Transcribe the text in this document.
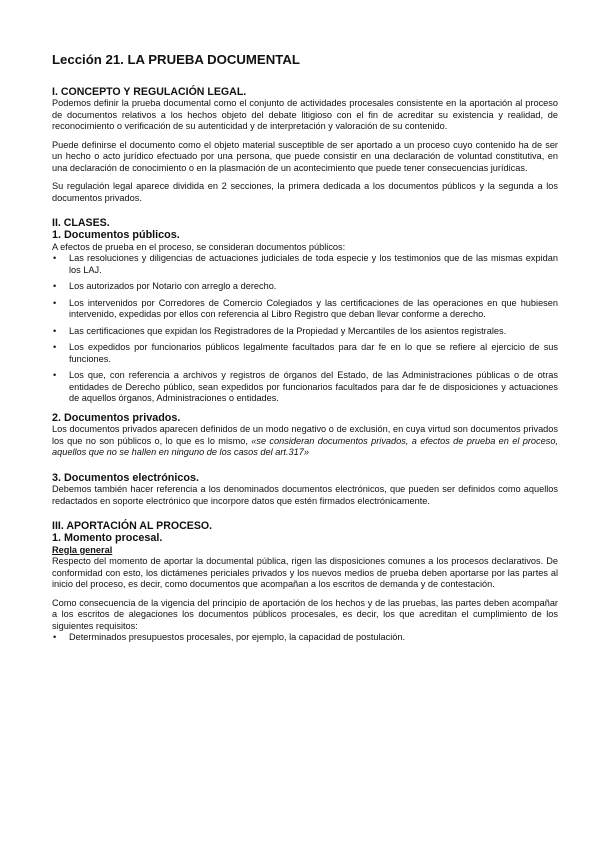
Lección 21. LA PRUEBA DOCUMENTAL
I. CONCEPTO Y REGULACIÓN LEGAL.

Podemos definir la prueba documental como el conjunto de actividades procesales consistente en la aportación al proceso de documentos relativos a los hechos objeto del debate litigioso con el fin de acreditar su existencia y realidad, de reconocimiento o verificación de su autenticidad y de interpretación y valoración de su contenido.

Puede definirse el documento como el objeto material susceptible de ser aportado a un proceso cuyo contenido ha de ser un hecho o acto jurídico efectuado por una persona, que puede consistir en una declaración de voluntad constitutiva, en una declaración de conocimiento o en la plasmación de un acontecimiento que puede tener consecuencias jurídicas.

Su regulación legal aparece dividida en 2 secciones, la primera dedicada a los documentos públicos y la segunda a los documentos privados.

II. CLASES.
1. Documentos públicos.

A efectos de prueba en el proceso, se consideran documentos públicos:

• Las resoluciones y diligencias de actuaciones judiciales de toda especie y los testimonios que de las mismas expidan los LAJ.
• Los autorizados por Notario con arreglo a derecho.
• Los intervenidos por Corredores de Comercio Colegiados y las certificaciones de las operaciones en que hubiesen intervenido, expedidas por ellos con referencia al Libro Registro que deban llevar conforme a derecho.
• Las certificaciones que expidan los Registradores de la Propiedad y Mercantiles de los asientos registrales.
• Los expedidos por funcionarios públicos legalmente facultados para dar fe en lo que se refiere al ejercicio de sus funciones.
• Los que, con referencia a archivos y registros de órganos del Estado, de las Administraciones públicas o de otras entidades de Derecho público, sean expedidos por funcionarios facultados para dar fe de disposiciones y actuaciones de aquellos órganos, Administraciones o entidades.
2. Documentos privados.

Los documentos privados aparecen definidos de un modo negativo o de exclusión, en cuya virtud son documentos privados los que no son públicos o, lo que es lo mismo, «se consideran documentos privados, a efectos de prueba en el proceso, aquellos que no se hallen en ninguno de los casos del art.317»

3. Documentos electrónicos.

Debemos también hacer referencia a los denominados documentos electrónicos, que pueden ser definidos como aquellos redactados en soporte electrónico que incorpore datos que estén firmados electrónicamente.

III. APORTACIÓN AL PROCESO.
1. Momento procesal.
Regla general

Respecto del momento de aportar la documental pública, rigen las disposiciones comunes a los procesos declarativos. De conformidad con esto, los dictámenes periciales privados y los nuevos medios de prueba deben aportarse por las partes al inicio del proceso, es decir, como documentos que acompañan a los escritos de demanda y de contestación.

Como consecuencia de la vigencia del principio de aportación de los hechos y de las pruebas, las partes deben acompañar a los escritos de alegaciones los documentos públicos procesales, es decir, los que acreditan el cumplimiento de los siguientes requisitos:

• Determinados presupuestos procesales, por ejemplo, la capacidad de postulación.
